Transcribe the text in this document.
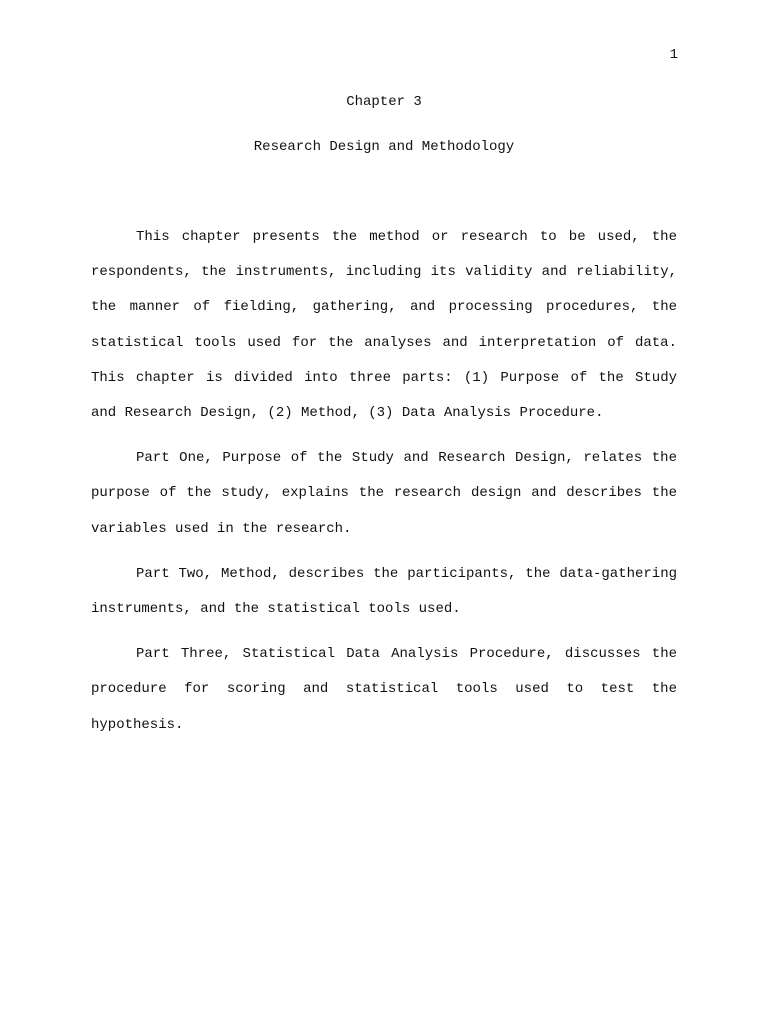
1
Chapter 3
Research Design and Methodology

This chapter presents the method or research to be used, the respondents, the instruments, including its validity and reliability, the manner of fielding, gathering, and processing procedures, the statistical tools used for the analyses and interpretation of data. This chapter is divided into three parts: (1) Purpose of the Study and Research Design, (2) Method, (3) Data Analysis Procedure.

Part One, Purpose of the Study and Research Design, relates the purpose of the study, explains the research design and describes the variables used in the research.

Part Two, Method, describes the participants, the data-gathering instruments, and the statistical tools used.

Part Three, Statistical Data Analysis Procedure, discusses the procedure for scoring and statistical tools used to test the hypothesis.
